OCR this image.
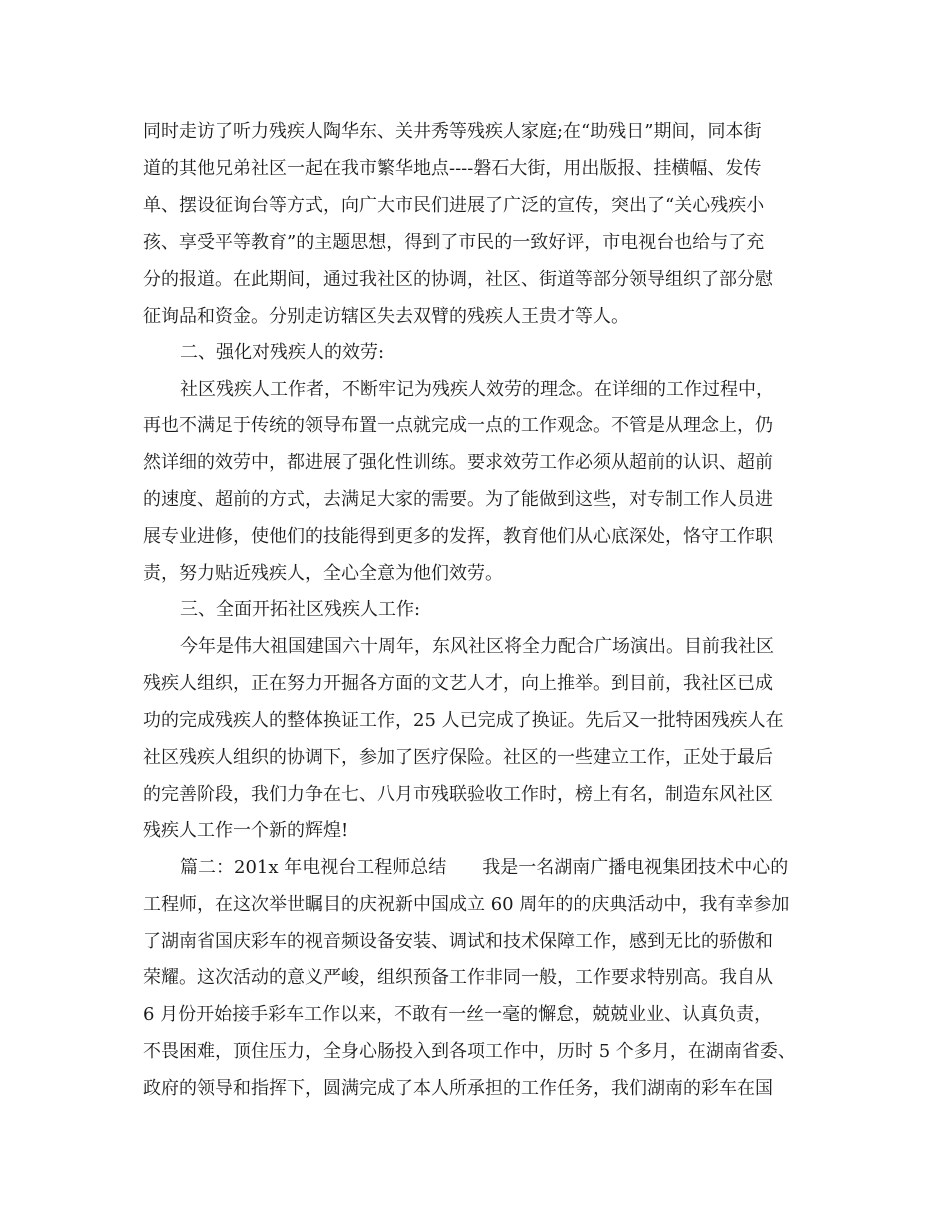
同时走访了听力残疾人陶华东、关井秀等残疾人家庭;在“助残日”期间，同本街
道的其他兄弟社区一起在我市繁华地点----磐石大街，用出版报、挂横幅、发传
单、摆设征询台等方式，向广大市民们进展了广泛的宣传，突出了“关心残疾小
孩、享受平等教育”的主题思想，得到了市民的一致好评，市电视台也给与了充
分的报道。在此期间，通过我社区的协调，社区、街道等部分领导组织了部分慰
征询品和资金。分别走访辖区失去双臂的残疾人王贵才等人。
二、强化对残疾人的效劳:
社区残疾人工作者，不断牢记为残疾人效劳的理念。在详细的工作过程中，
再也不满足于传统的领导布置一点就完成一点的工作观念。不管是从理念上，仍
然详细的效劳中，都进展了强化性训练。要求效劳工作必须从超前的认识、超前
的速度、超前的方式，去满足大家的需要。为了能做到这些，对专制工作人员进
展专业进修，使他们的技能得到更多的发挥，教育他们从心底深处，恪守工作职
责，努力贴近残疾人，全心全意为他们效劳。
三、全面开拓社区残疾人工作:
今年是伟大祖国建国六十周年，东风社区将全力配合广场演出。目前我社区
残疾人组织，正在努力开掘各方面的文艺人才，向上推举。到目前，我社区已成
功的完成残疾人的整体换证工作，25 人已完成了换证。先后又一批特困残疾人在
社区残疾人组织的协调下，参加了医疗保险。社区的一些建立工作，正处于最后
的完善阶段，我们力争在七、八月市残联验收工作时，榜上有名，制造东风社区
残疾人工作一个新的辉煌!
篇二：201x 年电视台工程师总结　　我是一名湖南广播电视集团技术中心的
工程师，在这次举世瞩目的庆祝新中国成立 60 周年的的庆典活动中，我有幸参加
了湖南省国庆彩车的视音频设备安装、调试和技术保障工作，感到无比的骄傲和
荣耀。这次活动的意义严峻，组织预备工作非同一般，工作要求特别高。我自从
6 月份开始接手彩车工作以来，不敢有一丝一毫的懈怠，兢兢业业、认真负责，
不畏困难，顶住压力，全身心肠投入到各项工作中，历时 5 个多月，在湖南省委、
政府的领导和指挥下，圆满完成了本人所承担的工作任务，我们湖南的彩车在国
